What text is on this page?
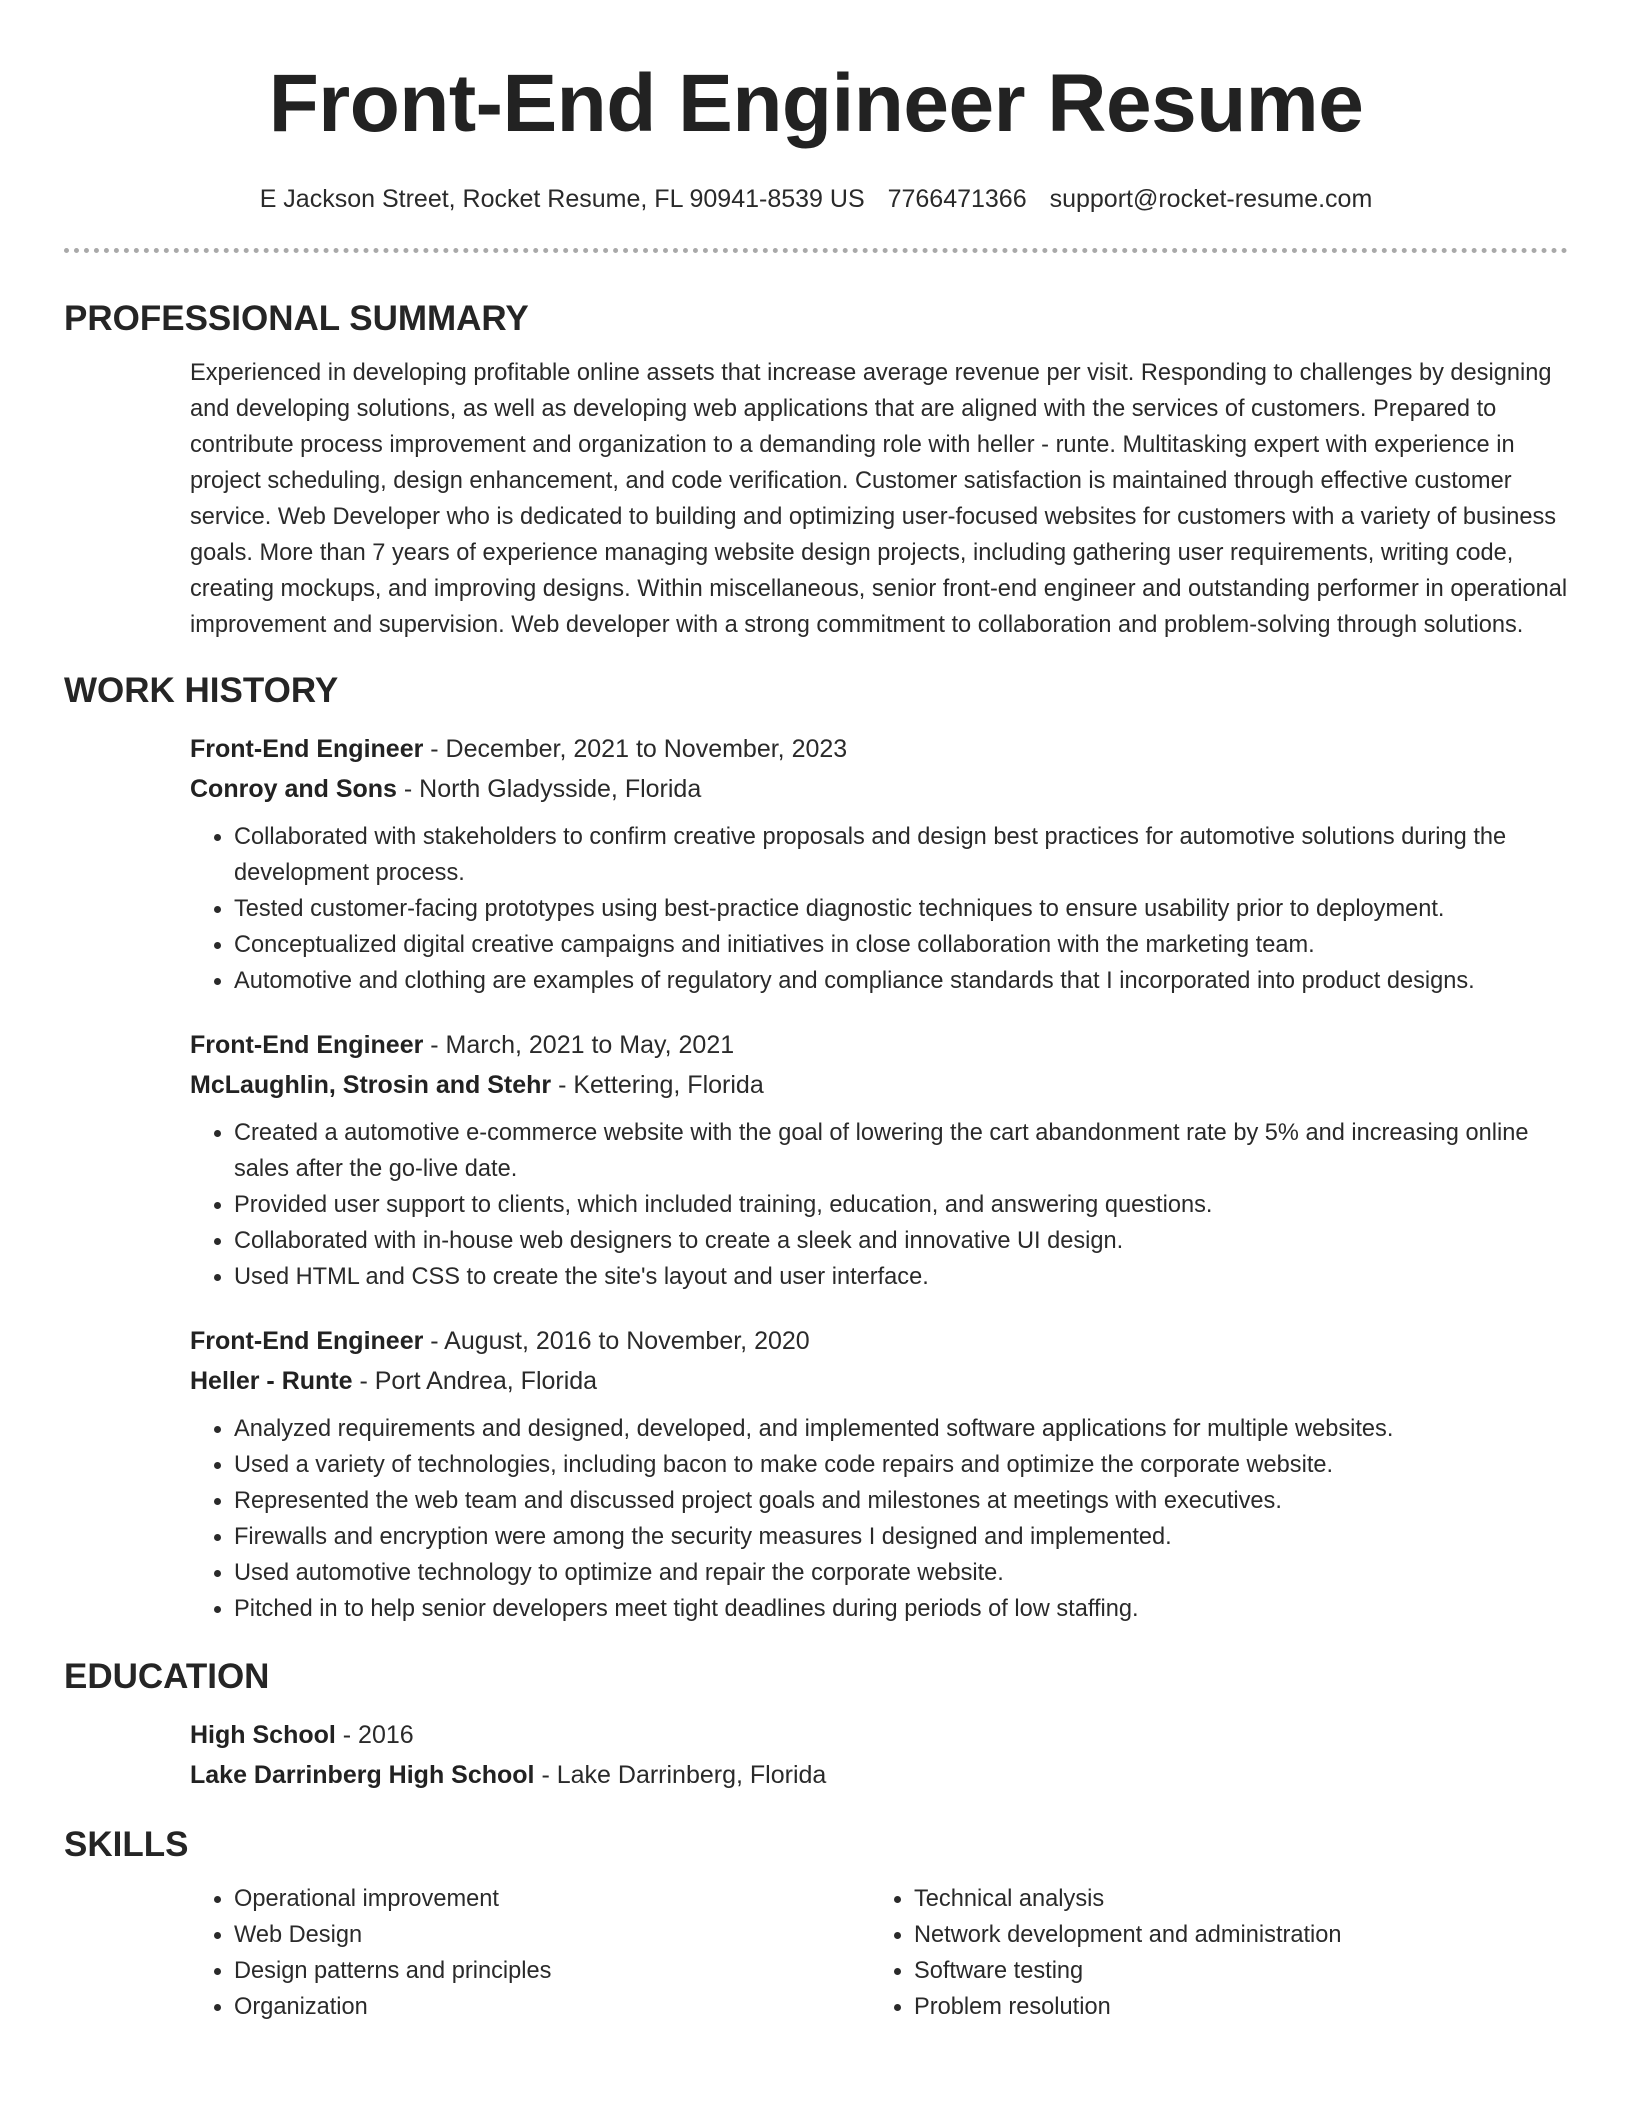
Front-End Engineer Resume
E Jackson Street, Rocket Resume, FL 90941-8539 US 7766471366 support@rocket-resume.com
PROFESSIONAL SUMMARY

Experienced in developing profitable online assets that increase average revenue per visit. Responding to challenges by designing and developing solutions, as well as developing web applications that are aligned with the services of customers. Prepared to contribute process improvement and organization to a demanding role with heller - runte. Multitasking expert with experience in project scheduling, design enhancement, and code verification. Customer satisfaction is maintained through effective customer service. Web Developer who is dedicated to building and optimizing user-focused websites for customers with a variety of business goals. More than 7 years of experience managing website design projects, including gathering user requirements, writing code, creating mockups, and improving designs. Within miscellaneous, senior front-end engineer and outstanding performer in operational improvement and supervision. Web developer with a strong commitment to collaboration and problem-solving through solutions.

WORK HISTORY
Front-End Engineer - December, 2021 to November, 2023
Conroy and Sons - North Gladysside, Florida
• Collaborated with stakeholders to confirm creative proposals and design best practices for automotive solutions during the development process.
• Tested customer-facing prototypes using best-practice diagnostic techniques to ensure usability prior to deployment.
• Conceptualized digital creative campaigns and initiatives in close collaboration with the marketing team.
• Automotive and clothing are examples of regulatory and compliance standards that I incorporated into product designs.
Front-End Engineer - March, 2021 to May, 2021
McLaughlin, Strosin and Stehr - Kettering, Florida
• Created a automotive e-commerce website with the goal of lowering the cart abandonment rate by 5% and increasing online sales after the go-live date.
• Provided user support to clients, which included training, education, and answering questions.
• Collaborated with in-house web designers to create a sleek and innovative UI design.
• Used HTML and CSS to create the site's layout and user interface.
Front-End Engineer - August, 2016 to November, 2020
Heller - Runte - Port Andrea, Florida
• Analyzed requirements and designed, developed, and implemented software applications for multiple websites.
• Used a variety of technologies, including bacon to make code repairs and optimize the corporate website.
• Represented the web team and discussed project goals and milestones at meetings with executives.
• Firewalls and encryption were among the security measures I designed and implemented.
• Used automotive technology to optimize and repair the corporate website.
• Pitched in to help senior developers meet tight deadlines during periods of low staffing.
EDUCATION
High School - 2016
Lake Darrinberg High School - Lake Darrinberg, Florida
SKILLS
• Operational improvement
• Web Design
• Design patterns and principles
• Organization
• Technical analysis
• Network development and administration
• Software testing
• Problem resolution
